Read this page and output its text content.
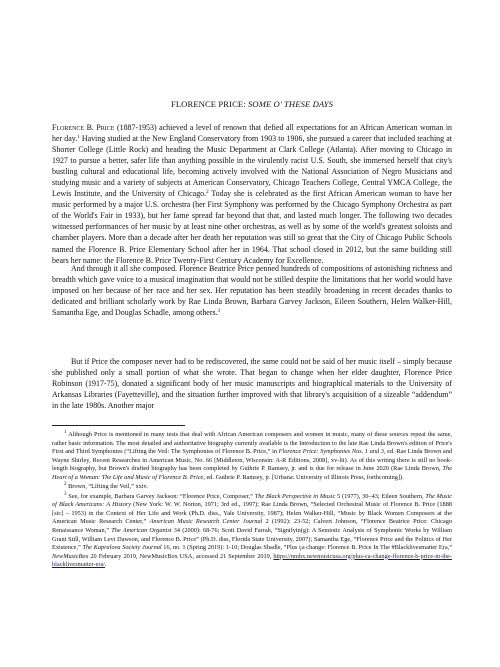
FLORENCE PRICE: SOME O' THESE DAYS
Florence B. Price (1887-1953) achieved a level of renown that defied all expectations for an African American woman in her day.$^1$ Having studied at the New England Conservatory from 1903 to 1906, she pursued a career that included teaching at Shorter College (Little Rock) and heading the Music Department at Clark College (Atlanta). After moving to Chicago in 1927 to pursue a better, safer life than anything possible in the virulently racist U.S. South, she immersed herself that city's bustling cultural and educational life, becoming actively involved with the National Association of Negro Musicians and studying music and a variety of subjects at American Conservatory, Chicago Teachers College, Central YMCA College, the Lewis Institute, and the University of Chicago.$^2$ Today she is celebrated as the first African American woman to have her music performed by a major U.S. orchestra (her First Symphony was performed by the Chicago Symphony Orchestra as part of the World's Fair in 1933), but her fame spread far beyond that that, and lasted much longer. The following two decades witnessed performances of her music by at least nine other orchestras, as well as by some of the world's greatest soloists and chamber players. More than a decade after her death her reputation was still so great that the City of Chicago Public Schools named the Florence B. Price Elementary School after her in 1964. That school closed in 2012, but the same building still bears her name: the Florence B. Price Twenty-First Century Academy for Excellence.
And through it all she composed. Florence Beatrice Price penned hundreds of compositions of astonishing richness and breadth which gave voice to a musical imagination that would not be stilled despite the limitations that her world would have imposed on her because of her race and her sex. Her reputation has been steadily broadening in recent decades thanks to dedicated and brilliant scholarly work by Rae Linda Brown, Barbara Garvey Jackson, Eileen Southern, Helen Walker-Hill, Samantha Ege, and Douglas Schadle, among others.$^3$
But if Price the composer never had to be rediscovered, the same could not be said of her music itself – simply because she published only a small portion of what she wrote. That began to change when her elder daughter, Florence Price Robinson (1917-75), donated a significant body of her music manuscripts and biographical materials to the University of Arkansas Libraries (Fayetteville), and the situation further improved with that library's acquisition of a sizeable “addendum” in the late 1980s. Another major

$^1$ Although Price is mentioned in many tests that deal with African American composers and women in music, many of these sources repeat the same, rather basic information. The most detailed and authoritative biography currently available is the Introduction to the late Rae Linda Brown's edition of Price's First and Third Symphonies (“Lifting the Veil: The Symphonies of Florence B. Price,” in Florence Price: Symphonies Nos. 1 and 3, ed. Rae Linda Brown and Wayne Shirley, Recent Researches in American Music, No. 66 [Middleton, Wisconsin: A-R Editions, 2008], xv-lii). As of this writing there is still no book-length biography, but Brown's drafted biography has been completed by Guthrie P. Ramsey, jr. and is due for release in June 2020 (Rae Linda Brown, The Heart of a Woman: The Life and Music of Florence B. Price, ed. Guthrie P. Ramsey, jr. [Urbana: University of Illinois Press, forthcoming]).

$^2$ Brown, “Lifting the Veil,” xxiv.

$^3$ See, for example, Barbara Garvey Jackson: “Florence Price, Composer,” The Black Perspective in Music 5 (1977), 30–43; Eileen Southern, The Music of Black Americans: A History (New York: W. W. Norton, 1971; 3rd ed., 1997); Rae Linda Brown, “Selected Orchestral Music of Florence B. Price (1888 [sic] – 1953) in the Context of Her Life and Work (Ph.D. diss., Yale University, 1987); Helen Walker-Hill, “Music by Black Women Composers at the American Music Research Center,” American Music Research Center Journal 2 (1992): 23-52; Calvert Johnson, “Florence Beatrice Price: Chicago Renaissance Woman,” The American Organist 34 (2000): 68-76; Scott David Farrah, “Signifyin(g): A Semiotic Analysis of Symphonic Works by William Grant Still, William Levi Dawson, and Florence B. Price” (Ph.D. diss, Florida State University, 2007); Samantha Ege, “Florence Price and the Politics of Her Existence,” The Kapralova Society Journal 16, no. 1 (Spring 2019): 1-10; Douglas Shadle, “Plus ça change: Florence B. Price In The #Blacklivesmatter Era,” NewMusicBox 20 February 2019, NewMusicBox USA, accessed 21 September 2019, https://nmbx.newmusicusa.org/plus-ca-change-florence-b-price-in-the-blacklivesmatter-era/.
